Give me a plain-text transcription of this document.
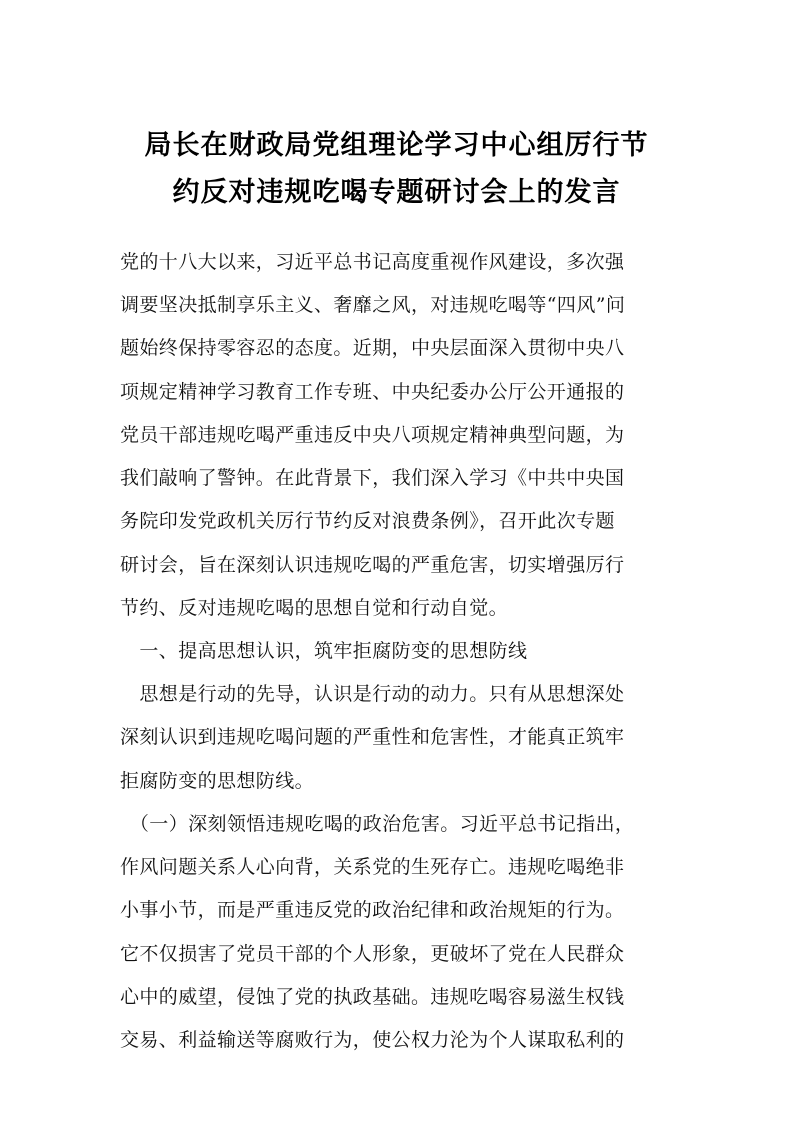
局长在财政局党组理论学习中心组厉行节
约反对违规吃喝专题研讨会上的发言
党的十八大以来，习近平总书记高度重视作风建设，多次强
调要坚决抵制享乐主义、奢靡之风，对违规吃喝等“四风”问
题始终保持零容忍的态度。近期，中央层面深入贯彻中央八
项规定精神学习教育工作专班、中央纪委办公厅公开通报的
党员干部违规吃喝严重违反中央八项规定精神典型问题，为
我们敲响了警钟。在此背景下，我们深入学习《中共中央国
务院印发党政机关厉行节约反对浪费条例》，召开此次专题
研讨会，旨在深刻认识违规吃喝的严重危害，切实增强厉行
节约、反对违规吃喝的思想自觉和行动自觉。
　一、提高思想认识，筑牢拒腐防变的思想防线
　思想是行动的先导，认识是行动的动力。只有从思想深处
深刻认识到违规吃喝问题的严重性和危害性，才能真正筑牢
拒腐防变的思想防线。
　（一）深刻领悟违规吃喝的政治危害。习近平总书记指出，
作风问题关系人心向背，关系党的生死存亡。违规吃喝绝非
小事小节，而是严重违反党的政治纪律和政治规矩的行为。
它不仅损害了党员干部的个人形象，更破坏了党在人民群众
心中的威望，侵蚀了党的执政基础。违规吃喝容易滋生权钱
交易、利益输送等腐败行为，使公权力沦为个人谋取私利的
